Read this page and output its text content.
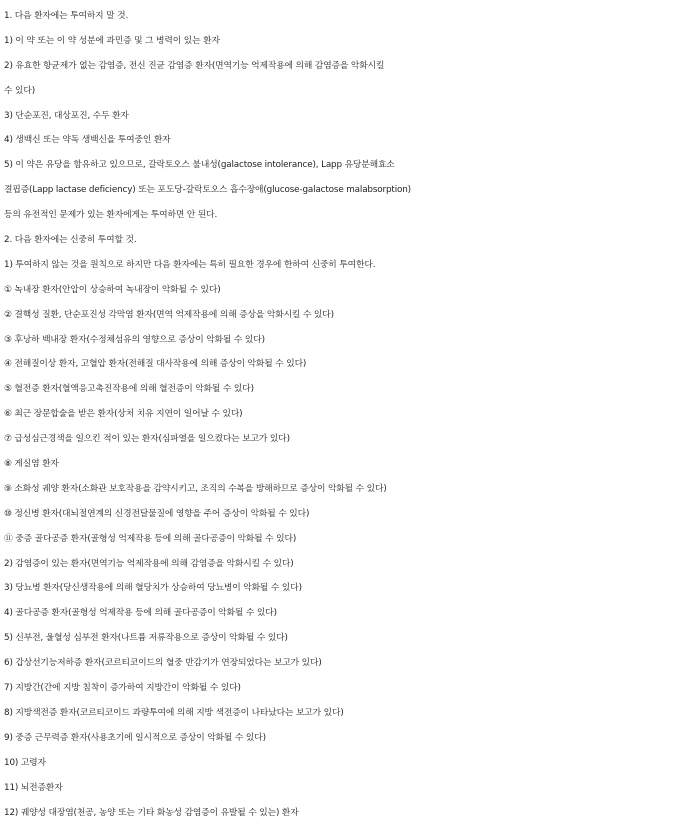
1. 다음 환자에는 투여하지 말 것.
1) 이 약 또는 이 약 성분에 과민증 및 그 병력이 있는 환자
2) 유효한 항균제가 없는 감염증, 전신 진균 감염증 환자(면역기능 억제작용에 의해 감염증을 악화시킬
수 있다)
3) 단순포진, 대상포진, 수두 환자
4) 생백신 또는 약독 생백신을 투여중인 환자
5) 이 약은 유당을 함유하고 있으므로, 갈락토오스 불내성(galactose intolerance), Lapp 유당분해효소
결핍증(Lapp lactase deficiency) 또는 포도당-갈락토오스 흡수장애(glucose-galactose malabsorption)
등의 유전적인 문제가 있는 환자에게는 투여하면 안 된다.
2. 다음 환자에는 신중히 투여할 것.
1) 투여하지 않는 것을 원칙으로 하지만 다음 환자에는 특히 필요한 경우에 한하여 신중히 투여한다.
① 녹내장 환자(안압이 상승하여 녹내장이 악화될 수 있다)
② 결핵성 질환, 단순포진성 각막염 환자(면역 억제작용에 의해 증상을 악화시킬 수 있다)
③ 후낭하 백내장 환자(수정체섬유의 영향으로 증상이 악화될 수 있다)
④ 전해질이상 환자, 고혈압 환자(전해질 대사작용에 의해 증상이 악화될 수 있다)
⑤ 혈전증 환자(혈액응고촉진작용에 의해 혈전증이 악화될 수 있다)
⑥ 최근 장문합술을 받은 환자(상처 치유 지연이 일어날 수 있다)
⑦ 급성심근경색을 일으킨 적이 있는 환자(심파열을 일으켰다는 보고가 있다)
⑧ 게실염 환자
⑨ 소화성 궤양 환자(소화관 보호작용을 감약시키고, 조직의 수복을 방해하므로 증상이 악화될 수 있다)
⑩ 정신병 환자(대뇌절연계의 신경전달물질에 영향을 주어 증상이 악화될 수 있다)
⑪ 중증 골다공증 환자(골형성 억제작용 등에 의해 골다공증이 악화될 수 있다)
2) 감염증이 있는 환자(면역기능 억제작용에 의해 감염증을 악화시킬 수 있다)
3) 당뇨병 환자(당신생작용에 의해 혈당치가 상승하여 당뇨병이 악화될 수 있다)
4) 골다공증 환자(골형성 억제작용 등에 의해 골다공증이 악화될 수 있다)
5) 신부전, 울혈성 심부전 환자(나트륨 저류작용으로 증상이 악화될 수 있다)
6) 갑상선기능저하증 환자(코르티코이드의 혈중 반감기가 연장되었다는 보고가 있다)
7) 지방간(간에 지방 침착이 증가하여 지방간이 악화될 수 있다)
8) 지방색전증 환자(코르티코이드 과량투여에 의해 지방 색전증이 나타났다는 보고가 있다)
9) 중증 근무력증 환자(사용초기에 일시적으로 증상이 악화될 수 있다)
10) 고령자
11) 뇌전증환자
12) 궤양성 대장염(천공, 농양 또는 기타 화농성 감염증이 유발될 수 있는) 환자
